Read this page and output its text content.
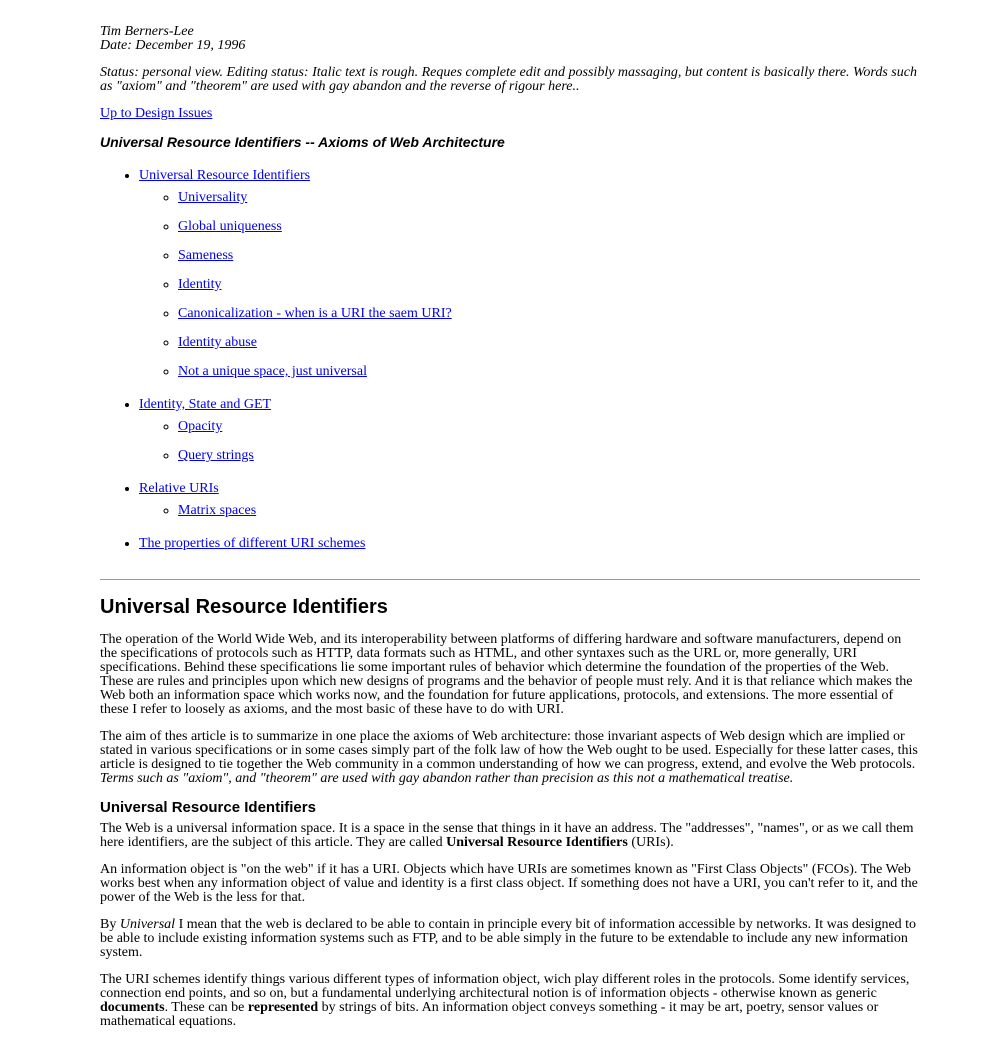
Tim Berners-Lee
Date: December 19, 1996

Status: personal view. Editing status: Italic text is rough. Reques complete edit and possibly massaging, but content is basically there. Words such as "axiom" and "theorem" are used with gay abandon and the reverse of rigour here..

Up to Design Issues

Universal Resource Identifiers -- Axioms of Web Architecture
• Universal Resource Identifiers
◦ Universality
◦ Global uniqueness
◦ Sameness
◦ Identity
◦ Canonicalization - when is a URI the saem URI?
◦ Identity abuse
◦ Not a unique space, just universal
• Identity, State and GET
◦ Opacity
◦ Query strings
• Relative URIs
◦ Matrix spaces
• The properties of different URI schemes
Universal Resource Identifiers

The operation of the World Wide Web, and its interoperability between platforms of differing hardware and software manufacturers, depend on the specifications of protocols such as HTTP, data formats such as HTML, and other syntaxes such as the URL or, more generally, URI specifications. Behind these specifications lie some important rules of behavior which determine the foundation of the properties of the Web. These are rules and principles upon which new designs of programs and the behavior of people must rely. And it is that reliance which makes the Web both an information space which works now, and the foundation for future applications, protocols, and extensions. The more essential of these I refer to loosely as axioms, and the most basic of these have to do with URI.

The aim of thes article is to summarize in one place the axioms of Web architecture: those invariant aspects of Web design which are implied or stated in various specifications or in some cases simply part of the folk law of how the Web ought to be used. Especially for these latter cases, this article is designed to tie together the Web community in a common understanding of how we can progress, extend, and evolve the Web protocols. Terms such as "axiom", and "theorem" are used with gay abandon rather than precision as this not a mathematical treatise.

Universal Resource Identifiers

The Web is a universal information space. It is a space in the sense that things in it have an address. The "addresses", "names", or as we call them here identifiers, are the subject of this article. They are called Universal Resource Identifiers (URIs).

An information object is "on the web" if it has a URI. Objects which have URIs are sometimes known as "First Class Objects" (FCOs). The Web works best when any information object of value and identity is a first class object. If something does not have a URI, you can't refer to it, and the power of the Web is the less for that.

By Universal I mean that the web is declared to be able to contain in principle every bit of information accessible by networks. It was designed to be able to include existing information systems such as FTP, and to be able simply in the future to be extendable to include any new information system.

The URI schemes identify things various different types of information object, wich play different roles in the protocols. Some identify services, connection end points, and so on, but a fundamental underlying architectural notion is of information objects - otherwise known as generic documents. These can be represented by strings of bits. An information object conveys something - it may be art, poetry, sensor values or mathematical equations.
